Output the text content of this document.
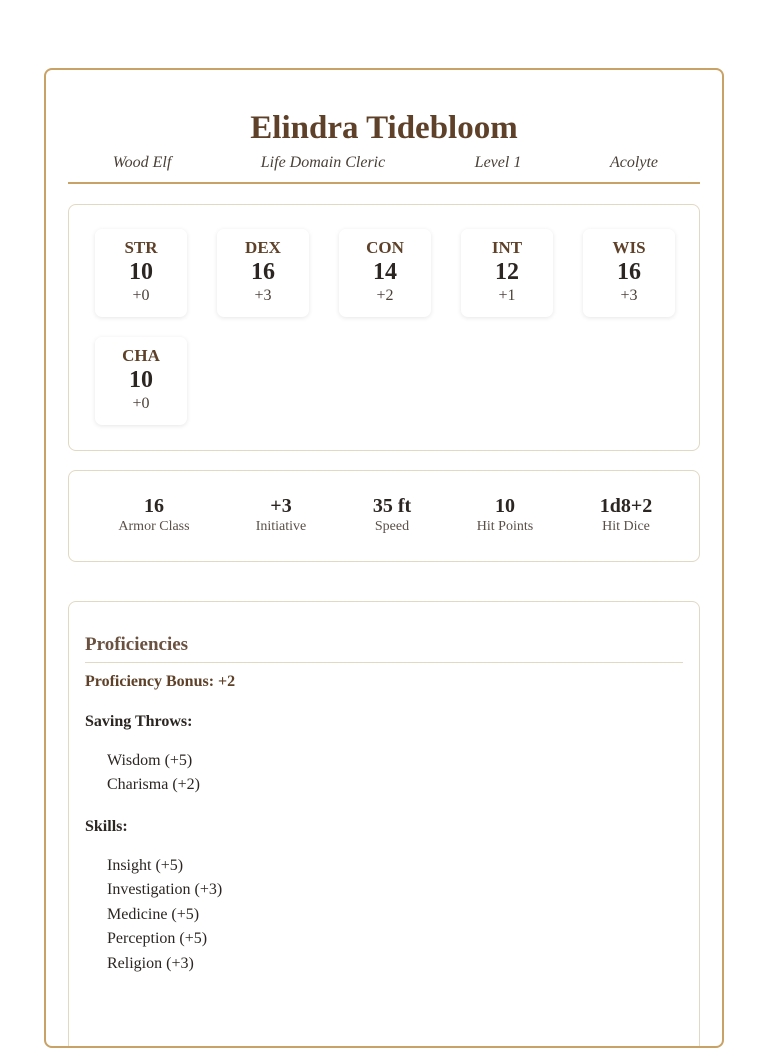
Elindra Tidebloom
Wood Elf	Life Domain Cleric	Level 1	Acolyte
STR
10
+0
DEX
16
+3
CON
14
+2
INT
12
+1
WIS
16
+3
CHA
10
+0
16
Armor Class
+3
Initiative
35 ft
Speed
10
Hit Points
1d8+2
Hit Dice
Proficiencies
Proficiency Bonus: +2
Saving Throws:
Wisdom (+5)
Charisma (+2)
Skills:
Insight (+5)
Investigation (+3)
Medicine (+5)
Perception (+5)
Religion (+3)
